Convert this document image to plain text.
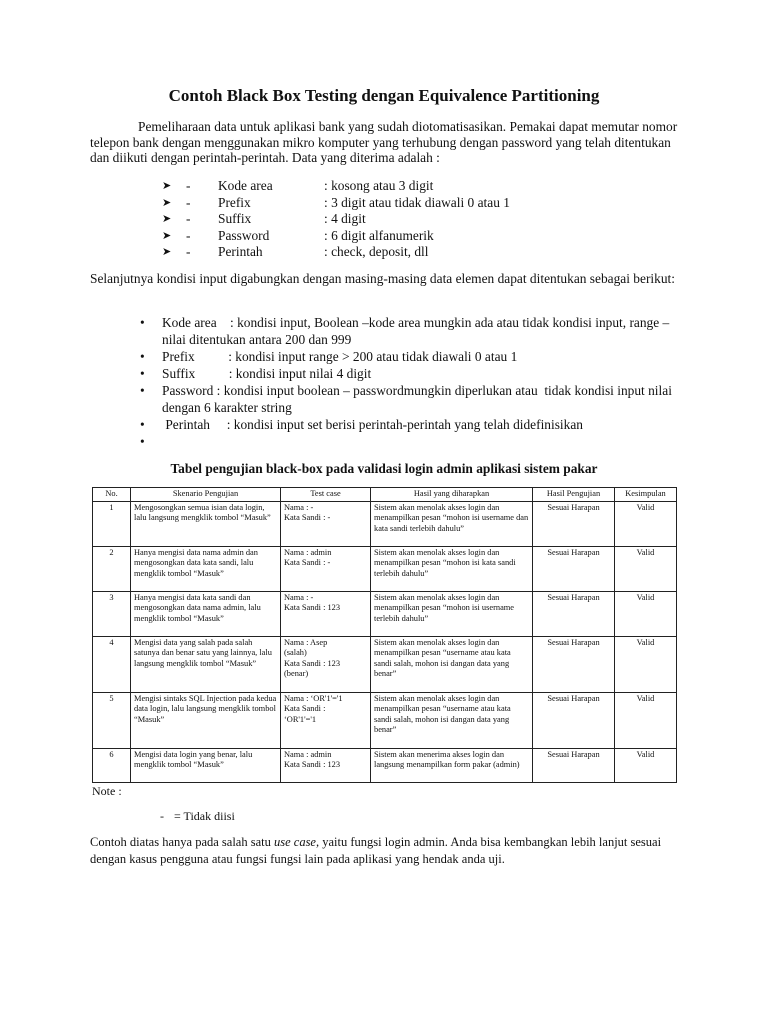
Contoh Black Box Testing dengan Equivalence Partitioning

Pemeliharaan data untuk aplikasi bank yang sudah diotomatisasikan. Pemakai dapat memutar nomor telepon bank dengan menggunakan mikro komputer yang terhubung dengan password yang telah ditentukan dan diikuti dengan perintah-perintah. Data yang diterima adalah :

➤ - Kode area	: kosong atau 3 digit
➤ - Prefix	: 3 digit atau tidak diawali 0 atau 1
➤ - Suffix	: 4 digit
➤ - Password	: 6 digit alfanumerik
➤ - Perintah	: check, deposit, dll

Selanjutnya kondisi input digabungkan dengan masing-masing data elemen dapat ditentukan sebagai berikut:

• Kode area    : kondisi input, Boolean –kode area mungkin ada atau tidak kondisi input, range –   nilai ditentukan antara 200 dan 999
• Prefix          : kondisi input range > 200 atau tidak diawali 0 atau 1
• Suffix          : kondisi input nilai 4 digit
• Password : kondisi input boolean – passwordmungkin diperlukan atau  tidak kondisi input nilai dengan 6 karakter string
• Perintah     : kondisi input set berisi perintah-perintah yang telah didefinisikan
•
Tabel pengujian black-box pada validasi login admin aplikasi sistem pakar
No.	Skenario Pengujian	Test case	Hasil yang diharapkan	Hasil Pengujian	Kesimpulan
1	Mengosongkan semua isian data login, lalu langsung mengklik tombol “Masuk”	Nama : -
Kata Sandi : -	Sistem akan menolak akses login dan menampilkan pesan “mohon isi username dan kata sandi terlebih dahulu”	Sesuai Harapan	Valid
2	Hanya mengisi data nama admin dan mengosongkan data kata sandi, lalu mengklik tombol “Masuk”	Nama : admin
Kata Sandi : -	Sistem akan menolak akses login dan menampilkan pesan “mohon isi kata sandi terlebih dahulu”	Sesuai Harapan	Valid
3	Hanya mengisi data kata sandi dan mengosongkan data nama admin, lalu mengklik tombol “Masuk”	Nama : -
Kata Sandi : 123	Sistem akan menolak akses login dan menampilkan pesan “mohon isi username terlebih dahulu”	Sesuai Harapan	Valid
4	Mengisi data yang salah pada salah satunya dan benar satu yang lainnya, lalu langsung mengklik tombol “Masuk”	Nama : Asep
(salah)
Kata Sandi : 123
(benar)	Sistem akan menolak akses login dan menampilkan pesan “username atau kata sandi salah, mohon isi dangan data yang benar”	Sesuai Harapan	Valid
5	Mengisi sintaks SQL Injection pada kedua data login, lalu langsung mengklik tombol “Masuk”	Nama : ‘OR'1'='1
Kata Sandi :
‘OR'1'='1	Sistem akan menolak akses login dan menampilkan pesan “username atau kata sandi salah, mohon isi dangan data yang benar”	Sesuai Harapan	Valid
6	Mengisi data login yang benar, lalu mengklik tombol “Masuk”	Nama : admin
Kata Sandi : 123	Sistem akan menerima akses login dan langsung menampilkan form pakar (admin)	Sesuai Harapan	Valid
Note :
- = Tidak diisi

Contoh diatas hanya pada salah satu use case, yaitu fungsi login admin. Anda bisa kembangkan lebih lanjut sesuai dengan kasus pengguna atau fungsi fungsi lain pada aplikasi yang hendak anda uji.
